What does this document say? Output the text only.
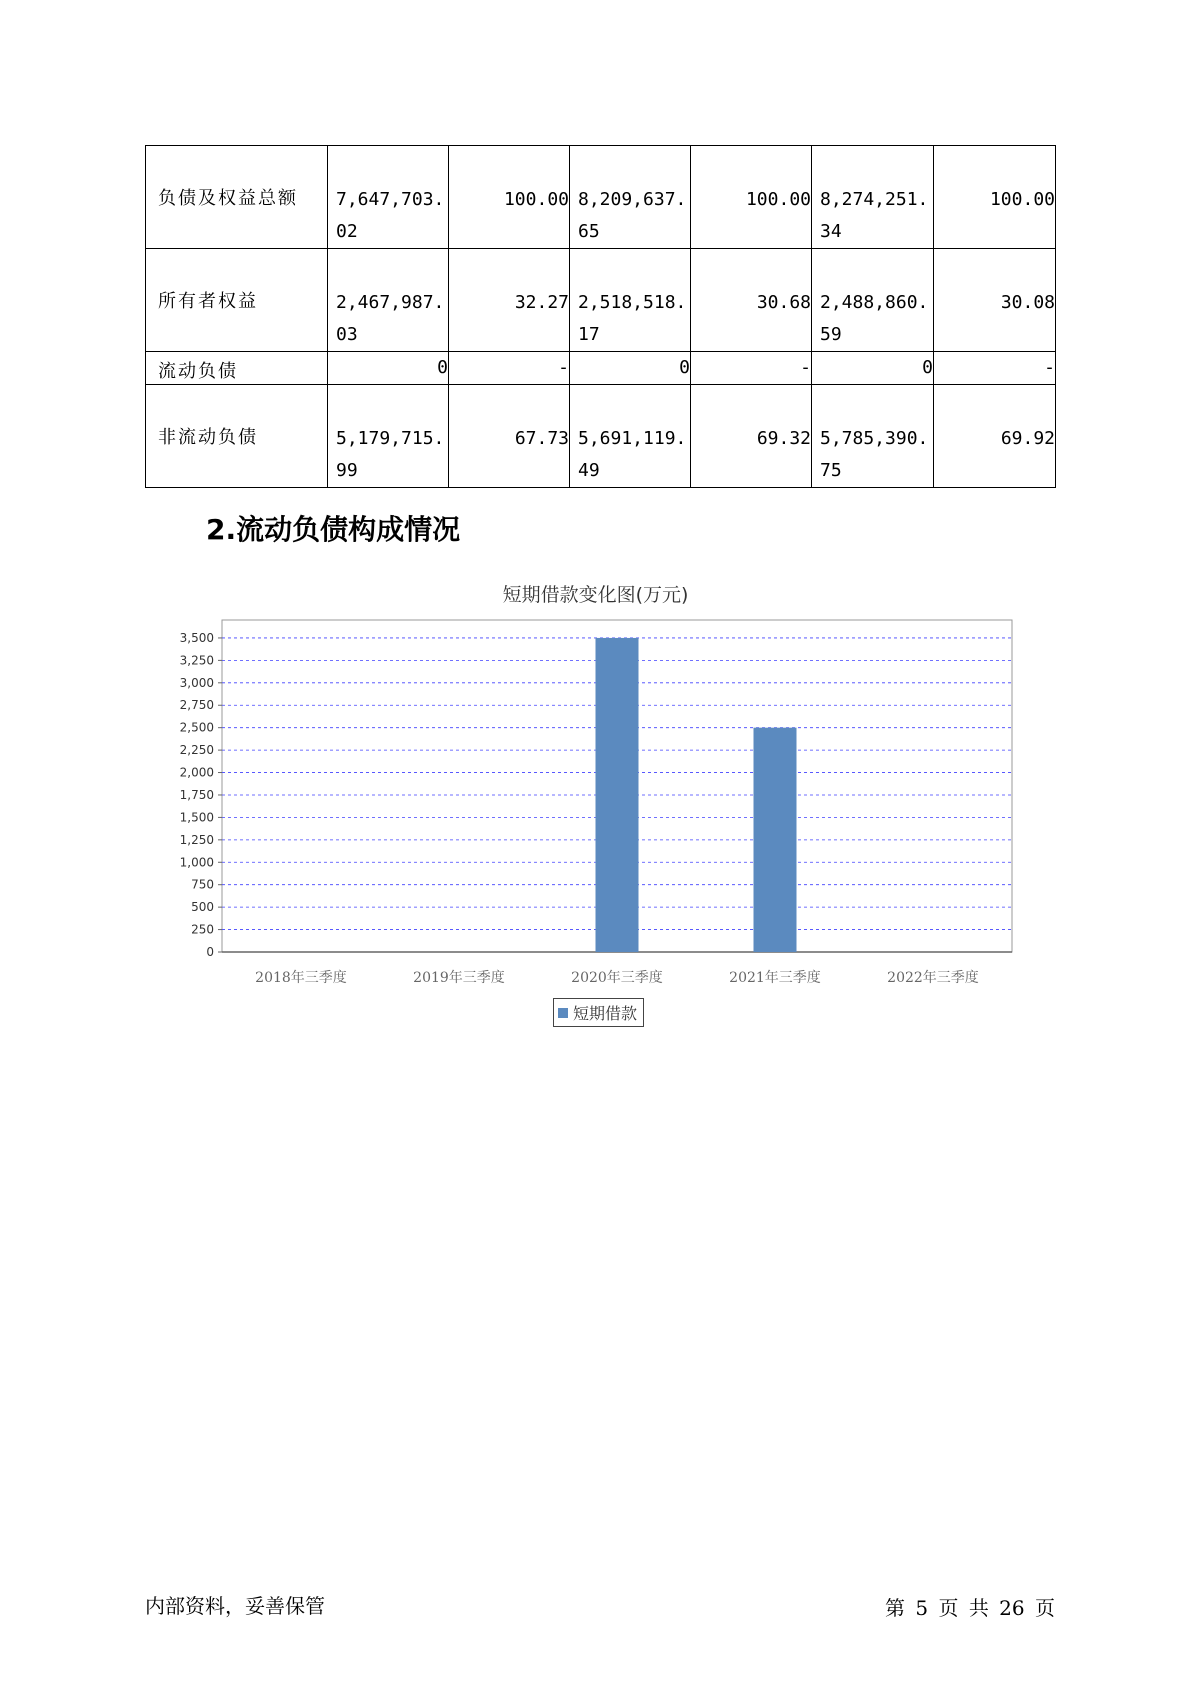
负债及权益总额	7,647,703.02	100.00	8,209,637.65	100.00	8,274,251.34	100.00
所有者权益	2,467,987.03	32.27	2,518,518.17	30.68	2,488,860.59	30.08
流动负债	0	-	0	-	0	-
非流动负债	5,179,715.99	67.73	5,691,119.49	69.32	5,785,390.75	69.92
2.流动负债构成情况
短期借款变化图(万元)
0
250
500
750
1,000
1,250
1,500
1,750
2,000
2,250
2,500
2,750
3,000
3,250
3,500
2018年三季度	2019年三季度	2020年三季度	2021年三季度	2022年三季度
短期借款
内部资料，妥善保管	第 5 页 共 26 页
